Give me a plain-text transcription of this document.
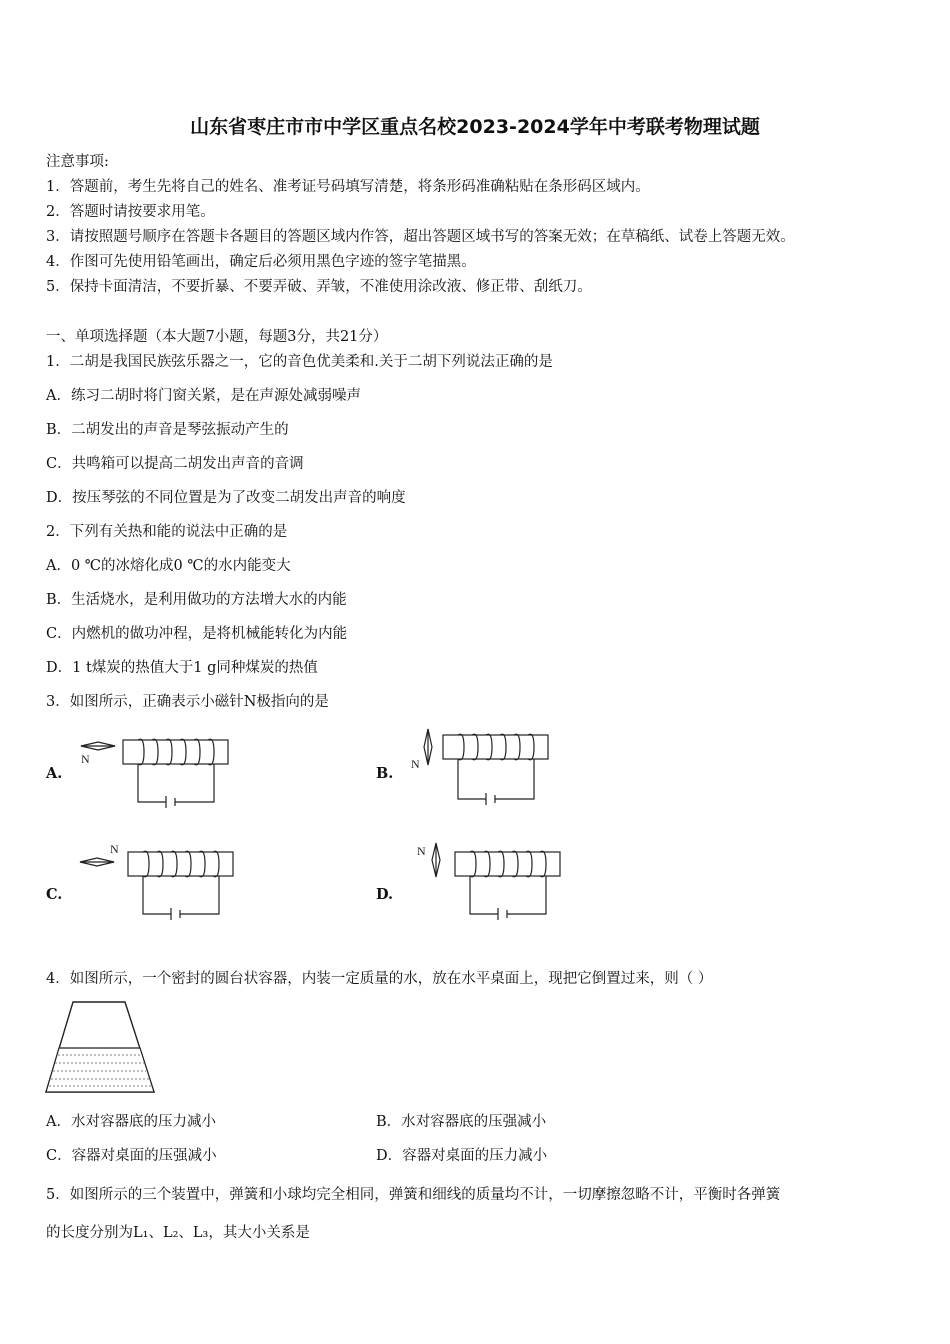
山东省枣庄市市中学区重点名校2023-2024学年中考联考物理试题
注意事项:
1．答题前，考生先将自己的姓名、准考证号码填写清楚，将条形码准确粘贴在条形码区域内。
2．答题时请按要求用笔。
3．请按照题号顺序在答题卡各题目的答题区域内作答，超出答题区域书写的答案无效；在草稿纸、试卷上答题无效。
4．作图可先使用铅笔画出，确定后必须用黑色字迹的签字笔描黑。
5．保持卡面清洁，不要折暴、不要弄破、弄皱，不准使用涂改液、修正带、刮纸刀。
一、单项选择题（本大题7小题，每题3分，共21分）
1．二胡是我国民族弦乐器之一，它的音色优美柔和.关于二胡下列说法正确的是
A．练习二胡时将门窗关紧，是在声源处减弱噪声
B．二胡发出的声音是琴弦振动产生的
C．共鸣箱可以提高二胡发出声音的音调
D．按压琴弦的不同位置是为了改变二胡发出声音的响度
2．下列有关热和能的说法中正确的是
A．0 ℃的冰熔化成0 ℃的水内能变大
B．生活烧水，是利用做功的方法增大水的内能
C．内燃机的做功冲程，是将机械能转化为内能
D．1 t煤炭的热值大于1 g同种煤炭的热值
3．如图所示，正确表示小磁针N极指向的是
A.	B.
C.	D.
N	N
N	N
4．如图所示，一个密封的圆台状容器，内装一定质量的水，放在水平桌面上，现把它倒置过来，则（ ）
A．水对容器底的压力减小	B．水对容器底的压强减小
C．容器对桌面的压强减小	D．容器对桌面的压力减小
5．如图所示的三个装置中，弹簧和小球均完全相同，弹簧和细线的质量均不计，一切摩擦忽略不计，平衡时各弹簧
的长度分别为L₁、L₂、L₃，其大小关系是
